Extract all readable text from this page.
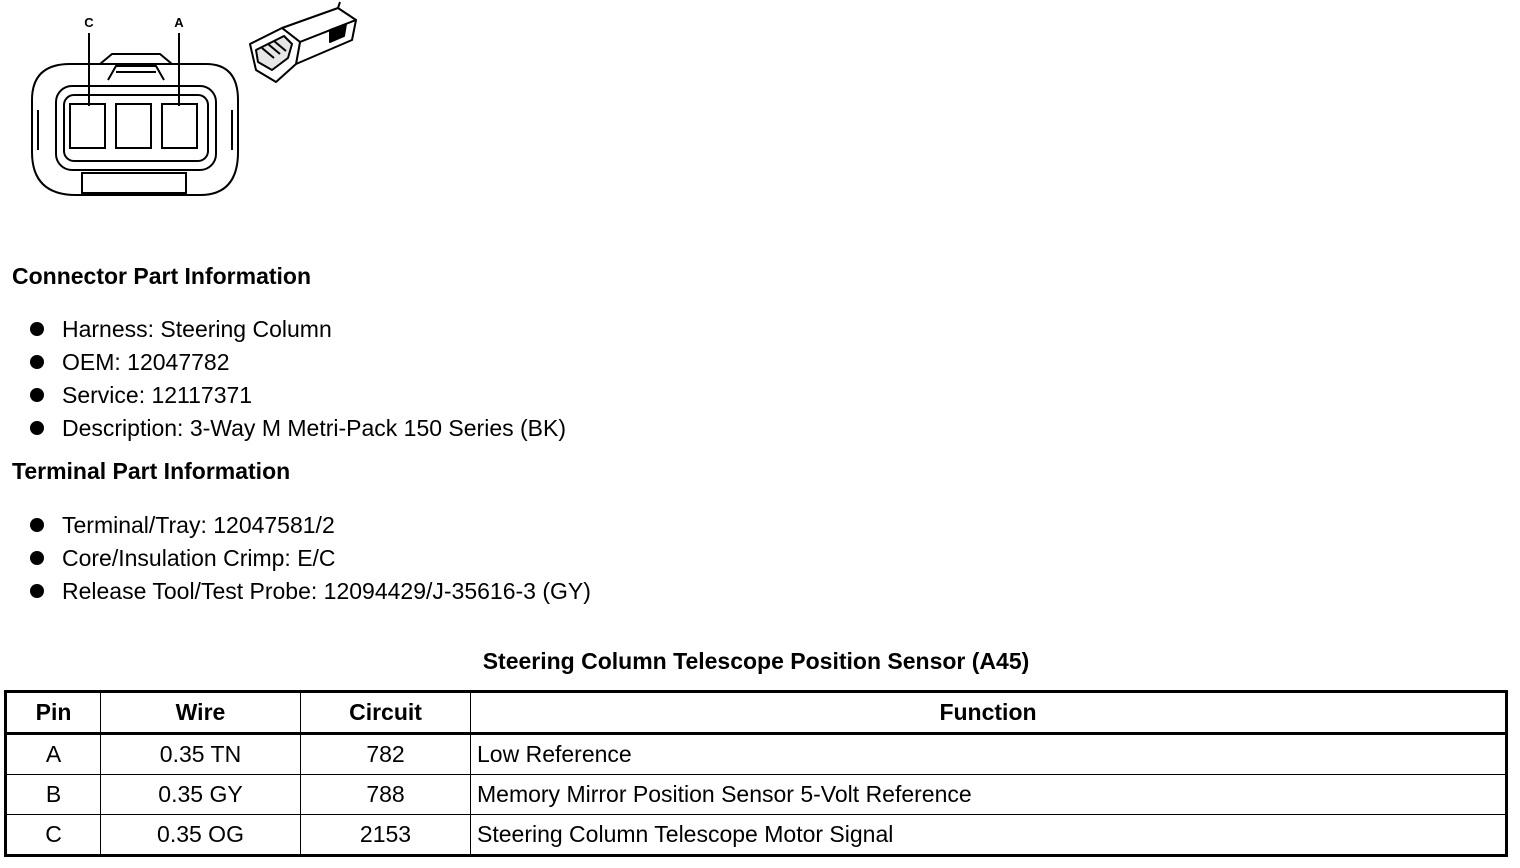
C	A
Connector Part Information
Harness: Steering Column
OEM: 12047782
Service: 12117371
Description: 3-Way M Metri-Pack 150 Series (BK)
Terminal Part Information
Terminal/Tray: 12047581/2
Core/Insulation Crimp: E/C
Release Tool/Test Probe: 12094429/J-35616-3 (GY)
Steering Column Telescope Position Sensor (A45)
Pin	Wire	Circuit	Function
A	0.35 TN	782	Low Reference
B	0.35 GY	788	Memory Mirror Position Sensor 5-Volt Reference
C	0.35 OG	2153	Steering Column Telescope Motor Signal
